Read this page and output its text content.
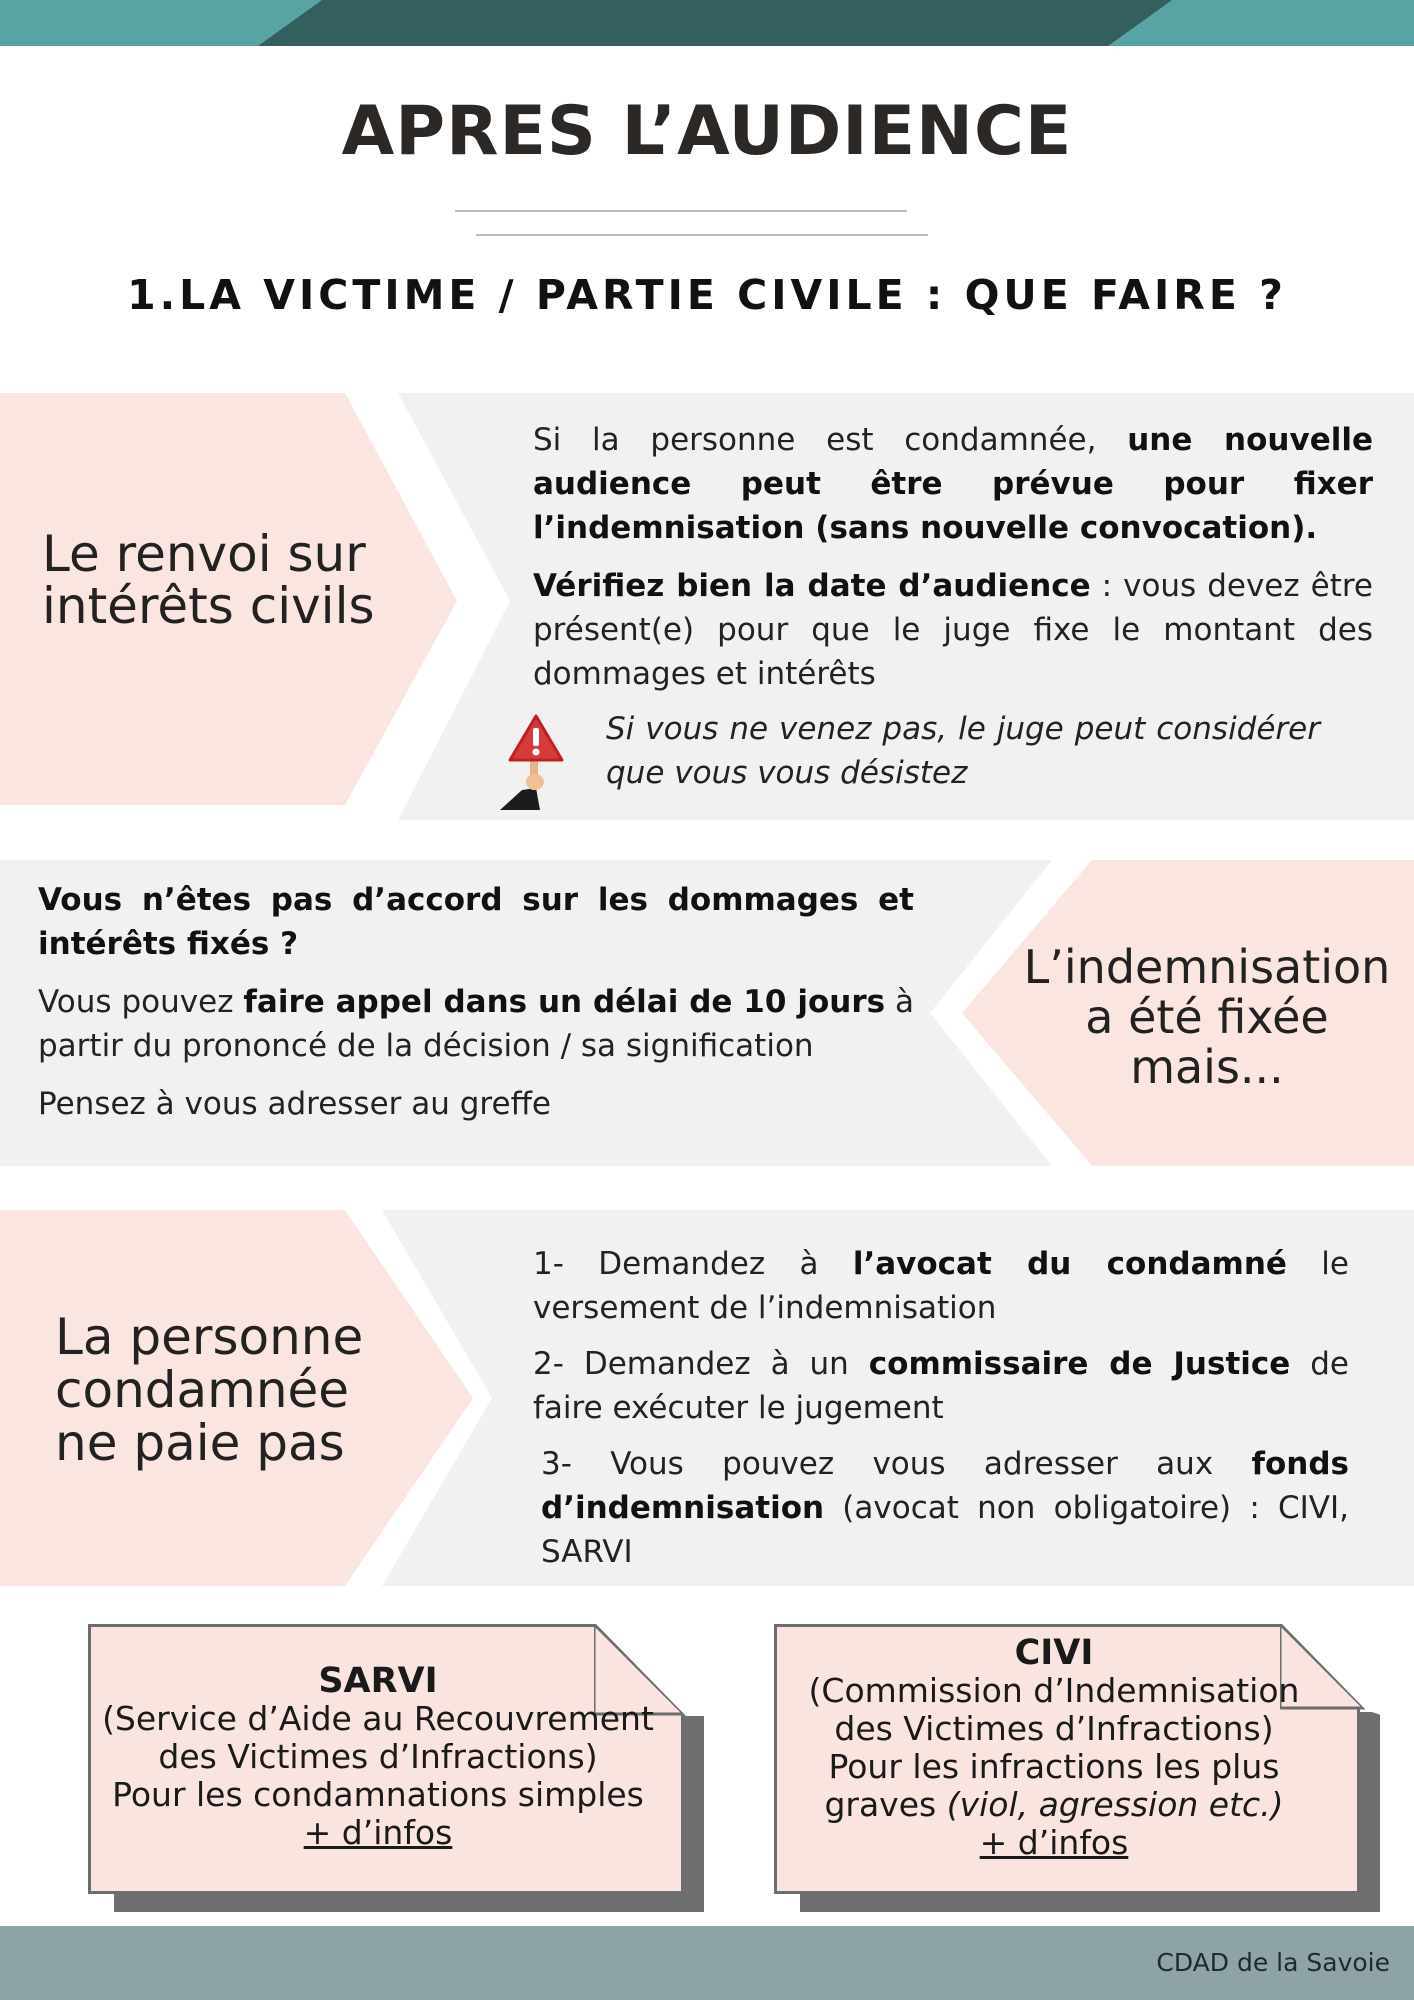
APRES L’AUDIENCE
1.LA VICTIME / PARTIE CIVILE : QUE FAIRE ?
Le renvoi sur intérêts civils

Si la personne est condamnée, une nouvelle audience peut être prévue pour fixer l’indemnisation (sans nouvelle convocation).

Vérifiez bien la date d’audience : vous devez être présent(e) pour que le juge fixe le montant des dommages et intérêts

Si vous ne venez pas, le juge peut considérer que vous vous désistez

Vous n’êtes pas d’accord sur les dommages et intérêts fixés ?

Vous pouvez faire appel dans un délai de 10 jours à partir du prononcé de la décision / sa signification

Pensez à vous adresser au greffe

L’indemnisation a été fixée mais...
La personne condamnée ne paie pas

1- Demandez à l’avocat du condamné le versement de l’indemnisation

2- Demandez à un commissaire de Justice de faire exécuter le jugement

3- Vous pouvez vous adresser aux fonds d’indemnisation (avocat non obligatoire) : CIVI, SARVI

SARVI
(Service d’Aide au Recouvrement
des Victimes d’Infractions)
Pour les condamnations simples
+ d’infos
CIVI
(Commission d’Indemnisation
des Victimes d’Infractions)
Pour les infractions les plus
graves (viol, agression etc.)
+ d’infos
CDAD de la Savoie
